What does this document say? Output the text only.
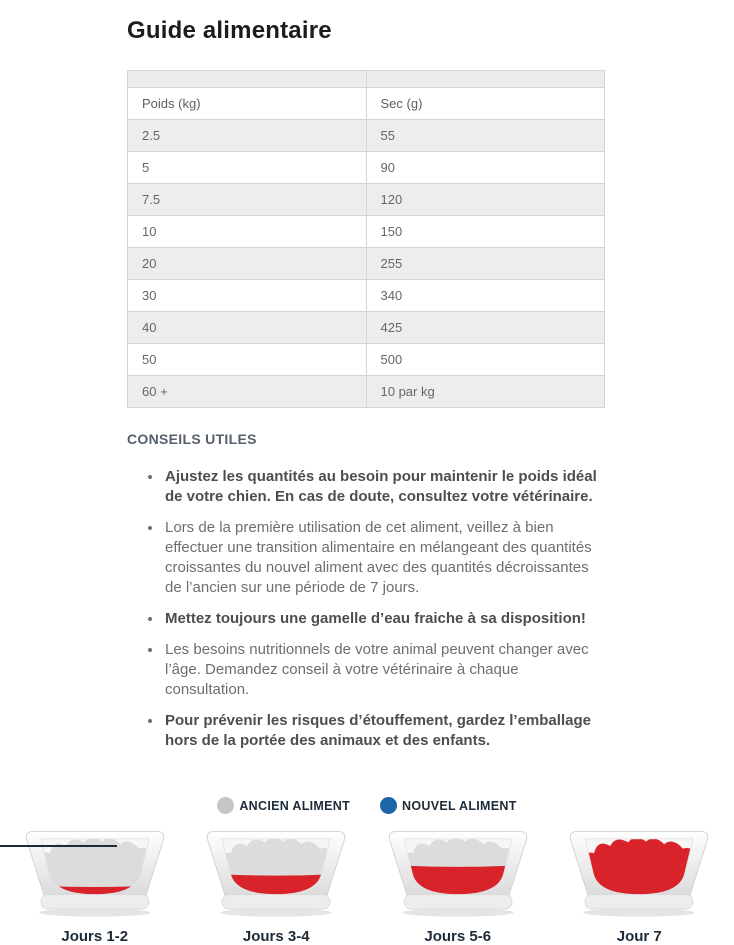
Guide alimentaire

Poids (kg)	Sec (g)
2.5	55
5	90
7.5	120
10	150
20	255
30	340
40	425
50	500
60 +	10 par kg
CONSEILS UTILES
• Ajustez les quantités au besoin pour maintenir le poids idéal de votre chien. En cas de doute, consultez votre vétérinaire.
• Lors de la première utilisation de cet aliment, veillez à bien effectuer une transition alimentaire en mélangeant des quantités croissantes du nouvel aliment avec des quantités décroissantes de l’ancien sur une période de 7 jours.
• Mettez toujours une gamelle d’eau fraiche à sa disposition!
• Les besoins nutritionnels de votre animal peuvent changer avec l’âge. Demandez conseil à votre vétérinaire à chaque consultation.
• Pour prévenir les risques d’étouffement, gardez l’emballage hors de la portée des animaux et des enfants.
ANCIEN ALIMENT	NOUVEL ALIMENT
Jours 1-2	Jours 3-4	Jours 5-6	Jour 7
